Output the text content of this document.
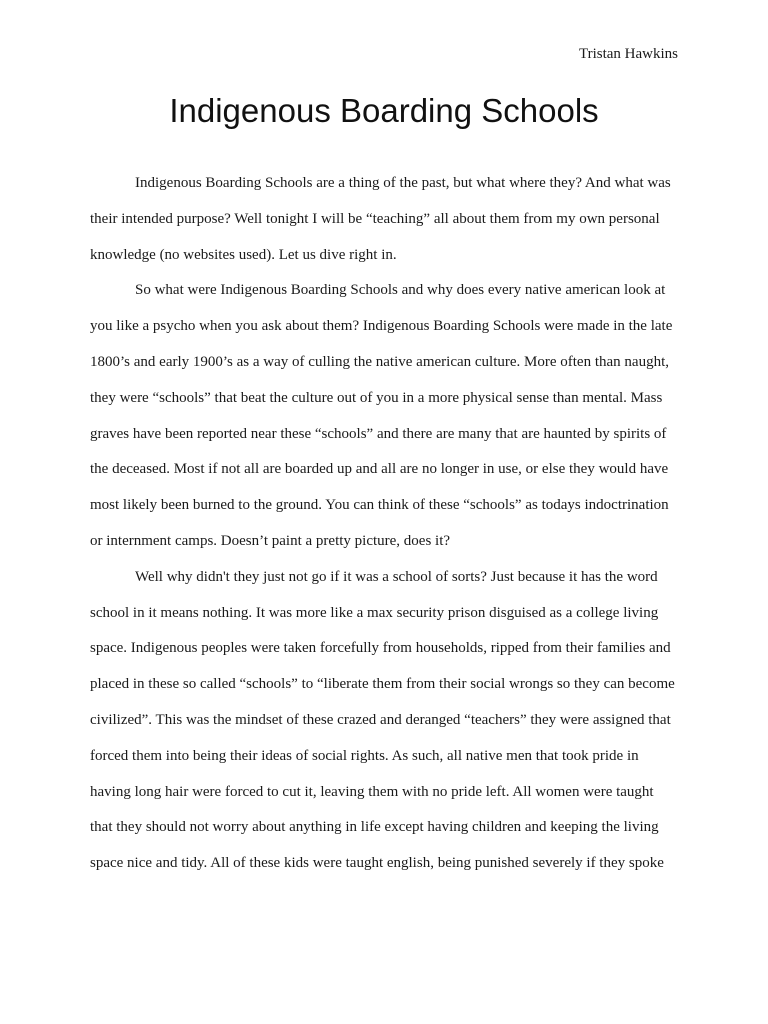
Tristan Hawkins
Indigenous Boarding Schools

Indigenous Boarding Schools are a thing of the past, but what where they? And what was their intended purpose? Well tonight I will be “teaching” all about them from my own personal knowledge (no websites used). Let us dive right in.

So what were Indigenous Boarding Schools and why does every native american look at you like a psycho when you ask about them? Indigenous Boarding Schools were made in the late 1800’s and early 1900’s as a way of culling the native american culture. More often than naught, they were “schools” that beat the culture out of you in a more physical sense than mental. Mass graves have been reported near these “schools” and there are many that are haunted by spirits of the deceased. Most if not all are boarded up and all are no longer in use, or else they would have most likely been burned to the ground. You can think of these “schools” as todays indoctrination or internment camps. Doesn’t paint a pretty picture, does it?

Well why didn't they just not go if it was a school of sorts? Just because it has the word school in it means nothing. It was more like a max security prison disguised as a college living space. Indigenous peoples were taken forcefully from households, ripped from their families and placed in these so called “schools” to “liberate them from their social wrongs so they can become civilized”. This was the mindset of these crazed and deranged “teachers” they were assigned that forced them into being their ideas of social rights. As such, all native men that took pride in having long hair were forced to cut it, leaving them with no pride left. All women were taught that they should not worry about anything in life except having children and keeping the living space nice and tidy. All of these kids were taught english, being punished severely if they spoke
